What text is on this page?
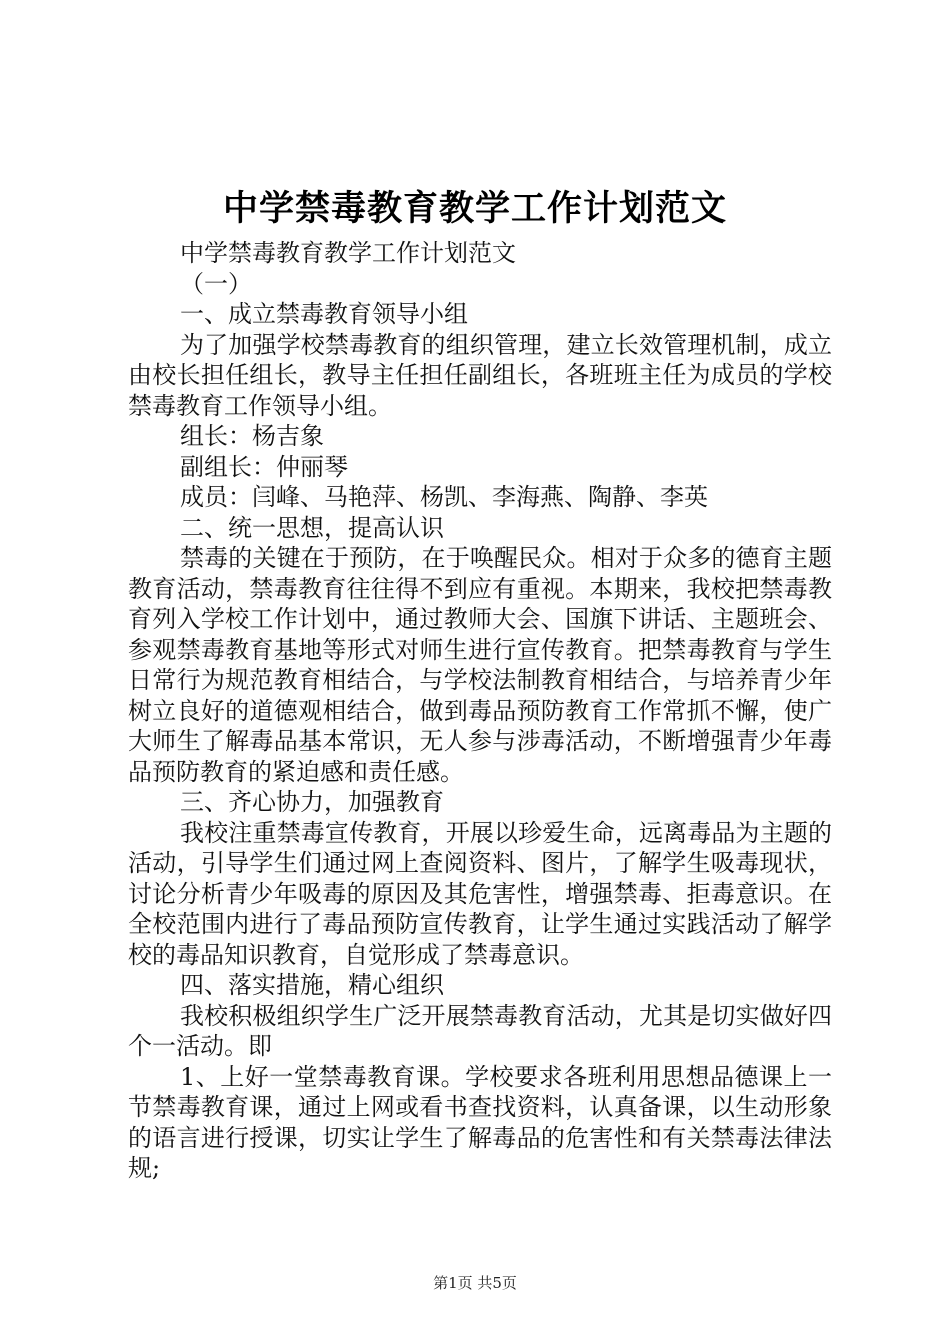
中学禁毒教育教学工作计划范文

中学禁毒教育教学工作计划范文

（一）

一、成立禁毒教育领导小组

为了加强学校禁毒教育的组织管理，建立长效管理机制，成立由校长担任组长，教导主任担任副组长，各班班主任为成员的学校禁毒教育工作领导小组。

组长：杨吉象

副组长：仲丽琴

成员：闫峰、马艳萍、杨凯、李海燕、陶静、李英

二、统一思想，提高认识

禁毒的关键在于预防，在于唤醒民众。相对于众多的德育主题教育活动，禁毒教育往往得不到应有重视。本期来，我校把禁毒教育列入学校工作计划中，通过教师大会、国旗下讲话、主题班会、参观禁毒教育基地等形式对师生进行宣传教育。把禁毒教育与学生日常行为规范教育相结合，与学校法制教育相结合，与培养青少年树立良好的道德观相结合，做到毒品预防教育工作常抓不懈，使广大师生了解毒品基本常识，无人参与涉毒活动，不断增强青少年毒品预防教育的紧迫感和责任感。

三、齐心协力，加强教育

我校注重禁毒宣传教育，开展以珍爱生命，远离毒品为主题的活动，引导学生们通过网上查阅资料、图片，了解学生吸毒现状，讨论分析青少年吸毒的原因及其危害性，增强禁毒、拒毒意识。在全校范围内进行了毒品预防宣传教育，让学生通过实践活动了解学校的毒品知识教育，自觉形成了禁毒意识。

四、落实措施，精心组织

我校积极组织学生广泛开展禁毒教育活动，尤其是切实做好四个一活动。即

1、上好一堂禁毒教育课。学校要求各班利用思想品德课上一节禁毒教育课，通过上网或看书查找资料，认真备课，以生动形象的语言进行授课，切实让学生了解毒品的危害性和有关禁毒法律法规;

第1页 共5页
